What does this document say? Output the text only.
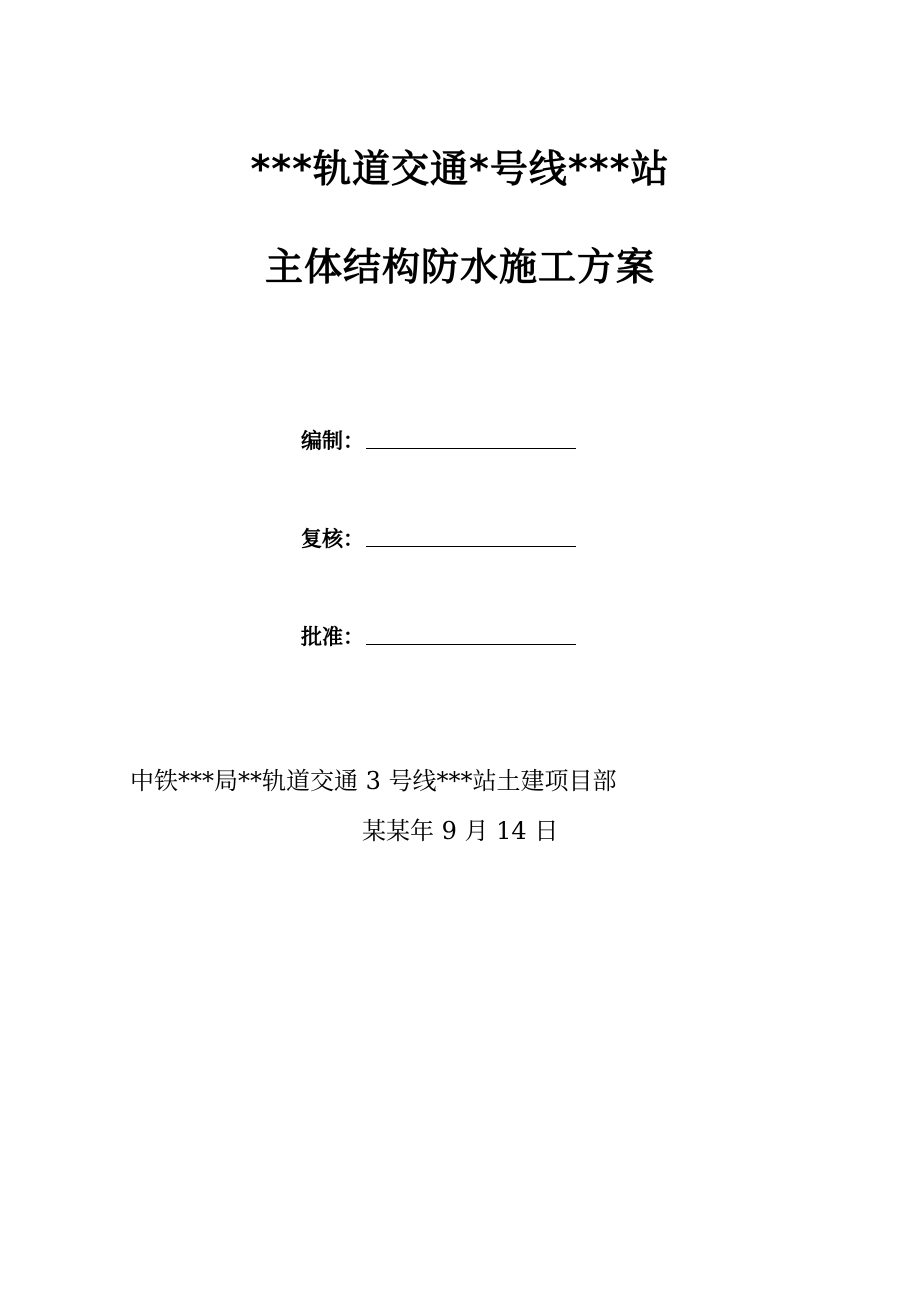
***轨道交通*号线***站
主体结构防水施工方案
编制：
复核：
批准：
中铁***局**轨道交通 3 号线***站土建项目部
某某年 9 月 14 日
